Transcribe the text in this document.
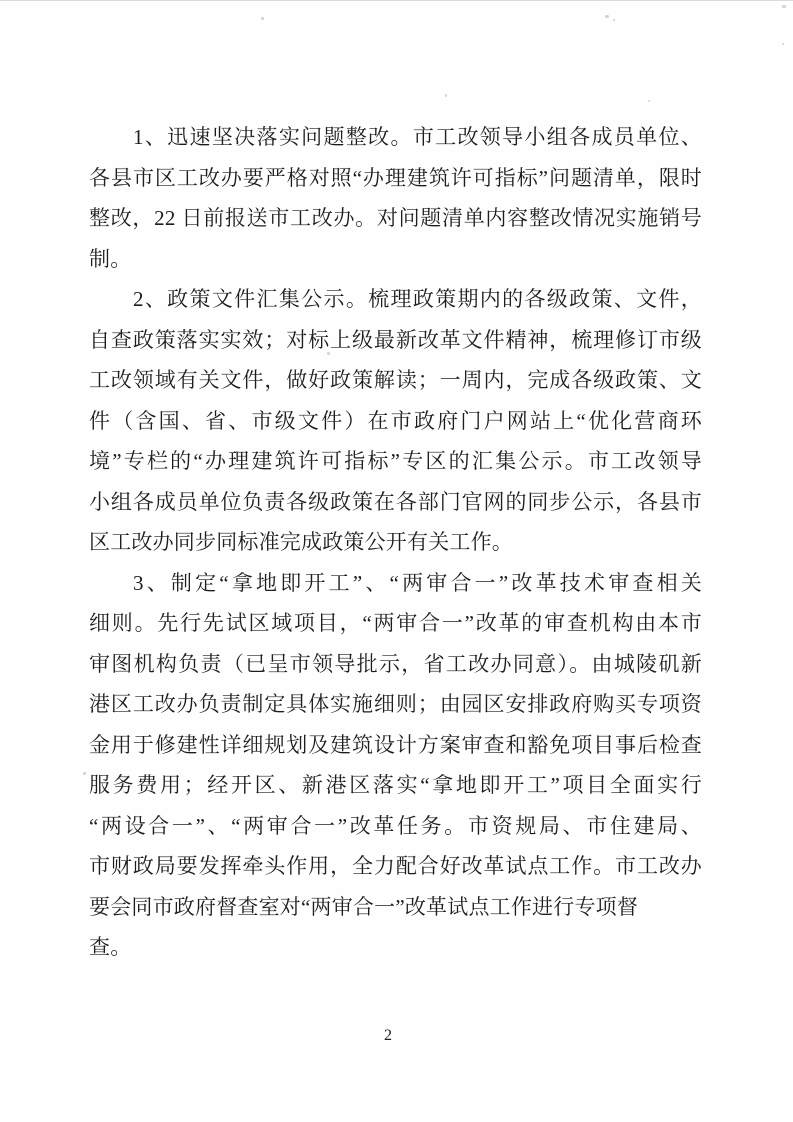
1、迅速坚决落实问题整改。市工改领导小组各成员单位、
各县市区工改办要严格对照“办理建筑许可指标”问题清单，限时
整改，22 日前报送市工改办。对问题清单内容整改情况实施销号
制。
2、政策文件汇集公示。梳理政策期内的各级政策、文件，
自查政策落实实效；对标上级最新改革文件精神，梳理修订市级
工改领域有关文件，做好政策解读；一周内，完成各级政策、文
件（含国、省、市级文件）在市政府门户网站上“优化营商环
境”专栏的“办理建筑许可指标”专区的汇集公示。市工改领导
小组各成员单位负责各级政策在各部门官网的同步公示，各县市
区工改办同步同标准完成政策公开有关工作。
3、制定“拿地即开工”、“两审合一”改革技术审查相关
细则。先行先试区域项目，“两审合一”改革的审查机构由本市
审图机构负责（已呈市领导批示，省工改办同意）。由城陵矶新
港区工改办负责制定具体实施细则；由园区安排政府购买专项资
金用于修建性详细规划及建筑设计方案审查和豁免项目事后检查
服务费用；经开区、新港区落实“拿地即开工”项目全面实行
“两设合一”、“两审合一”改革任务。市资规局、市住建局、
市财政局要发挥牵头作用，全力配合好改革试点工作。市工改办
要会同市政府督查室对“两审合一”改革试点工作进行专项督
查。
2
